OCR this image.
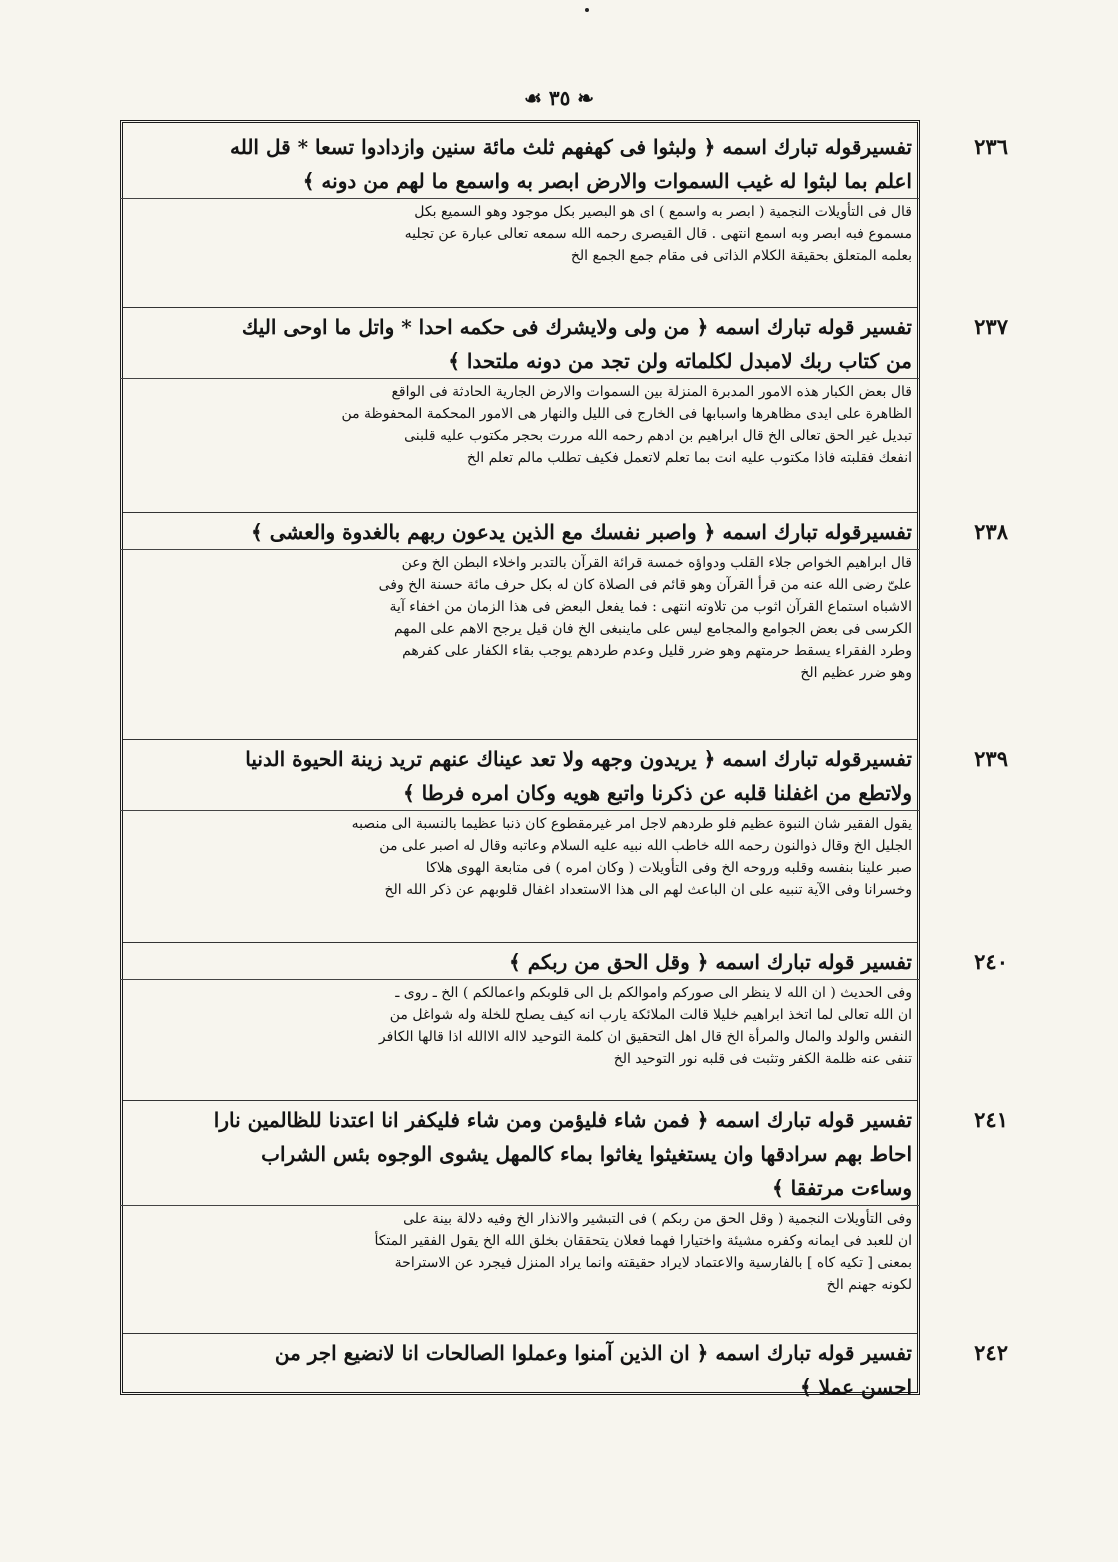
❧ ٣٥ ☙
٢٣٦
تفسيرقوله تبارك اسمه ﴿ ولبثوا فى كهفهم ثلث مائة سنين وازدادوا تسعا * قل الله
اعلم بما لبثوا له غيب السموات والارض ابصر به واسمع ما لهم من دونه ﴾
قال فى التأويلات النجمية ( ابصر به واسمع ) اى هو البصير بكل موجود وهو السميع بكل
مسموع فبه ابصر وبه اسمع انتهى . قال القيصرى رحمه الله سمعه تعالى عبارة عن تجليه
بعلمه المتعلق بحقيقة الكلام الذاتى فى مقام جمع الجمع الخ
٢٣٧
تفسير قوله تبارك اسمه ﴿ من ولى ولايشرك فى حكمه احدا * واتل ما اوحى اليك
من كتاب ربك لامبدل لكلماته ولن تجد من دونه ملتحدا ﴾
قال بعض الكبار هذه الامور المدبرة المنزلة بين السموات والارض الجارية الحادثة فى الواقع
الظاهرة على ايدى مظاهرها واسبابها فى الخارج فى الليل والنهار هى الامور المحكمة المحفوظة من
تبديل غير الحق تعالى الخ قال ابراهيم بن ادهم رحمه الله مررت بحجر مكتوب عليه قلبنى
انفعك فقلبته فاذا مكتوب عليه انت بما تعلم لاتعمل فكيف تطلب مالم تعلم الخ
٢٣٨
تفسيرقوله تبارك اسمه ﴿ واصبر نفسك مع الذين يدعون ربهم بالغدوة والعشى ﴾
قال ابراهيم الخواص جلاء القلب ودواؤه خمسة قرائة القرآن بالتدبر واخلاء البطن الخ وعن
علىّ رضى الله عنه من قرأ القرآن وهو قائم فى الصلاة كان له بكل حرف مائة حسنة الخ وفى
الاشباه استماع القرآن اثوب من تلاوته انتهى : فما يفعل البعض فى هذا الزمان من اخفاء آية
الكرسى فى بعض الجوامع والمجامع ليس على ماينبغى الخ فان قيل يرجح الاهم على المهم
وطرد الفقراء يسقط حرمتهم وهو ضرر قليل وعدم طردهم يوجب بقاء الكفار على كفرهم
وهو ضرر عظيم الخ
٢٣٩
تفسيرقوله تبارك اسمه ﴿ يريدون وجهه ولا تعد عيناك عنهم تريد زينة الحيوة الدنيا
ولاتطع من اغفلنا قلبه عن ذكرنا واتبع هويه وكان امره فرطا ﴾
يقول الفقير شان النبوة عظيم فلو طردهم لاجل امر غيرمقطوع كان ذنبا عظيما بالنسبة الى منصبه
الجليل الخ وقال ذوالنون رحمه الله خاطب الله نبيه عليه السلام وعاتبه وقال له اصبر على من
صبر علينا بنفسه وقلبه وروحه الخ وفى التأويلات ( وكان امره ) فى متابعة الهوى هلاكا
وخسرانا وفى الآية تنبيه على ان الباعث لهم الى هذا الاستعداد اغفال قلوبهم عن ذكر الله الخ
٢٤٠
تفسير قوله تبارك اسمه ﴿ وقل الحق من ربكم ﴾
وفى الحديث ( ان الله لا ينظر الى صوركم واموالكم بل الى قلوبكم واعمالكم ) الخ ـ روى ـ
ان الله تعالى لما اتخذ ابراهيم خليلا قالت الملائكة يارب انه كيف يصلح للخلة وله شواغل من
النفس والولد والمال والمرأة الخ قال اهل التحقيق ان كلمة التوحيد لااله الاالله اذا قالها الكافر
تنفى عنه ظلمة الكفر وتثبت فى قلبه نور التوحيد الخ
٢٤١
تفسير قوله تبارك اسمه ﴿ فمن شاء فليؤمن ومن شاء فليكفر انا اعتدنا للظالمين نارا
احاط بهم سرادقها وان يستغيثوا يغاثوا بماء كالمهل يشوى الوجوه بئس الشراب
وساءت مرتفقا ﴾
وفى التأويلات النجمية ( وقل الحق من ربكم ) فى التبشير والانذار الخ وفيه دلالة بينة على
ان للعبد فى ايمانه وكفره مشيئة واختيارا فهما فعلان يتحققان بخلق الله الخ يقول الفقير المتكأ
بمعنى [ تكيه كاه ] بالفارسية والاعتماد لايراد حقيقته وانما يراد المنزل فيجرد عن الاستراحة
لكونه جهنم الخ
٢٤٢
تفسير قوله تبارك اسمه ﴿ ان الذين آمنوا وعملوا الصالحات انا لانضيع اجر من
احسن عملا ﴾
